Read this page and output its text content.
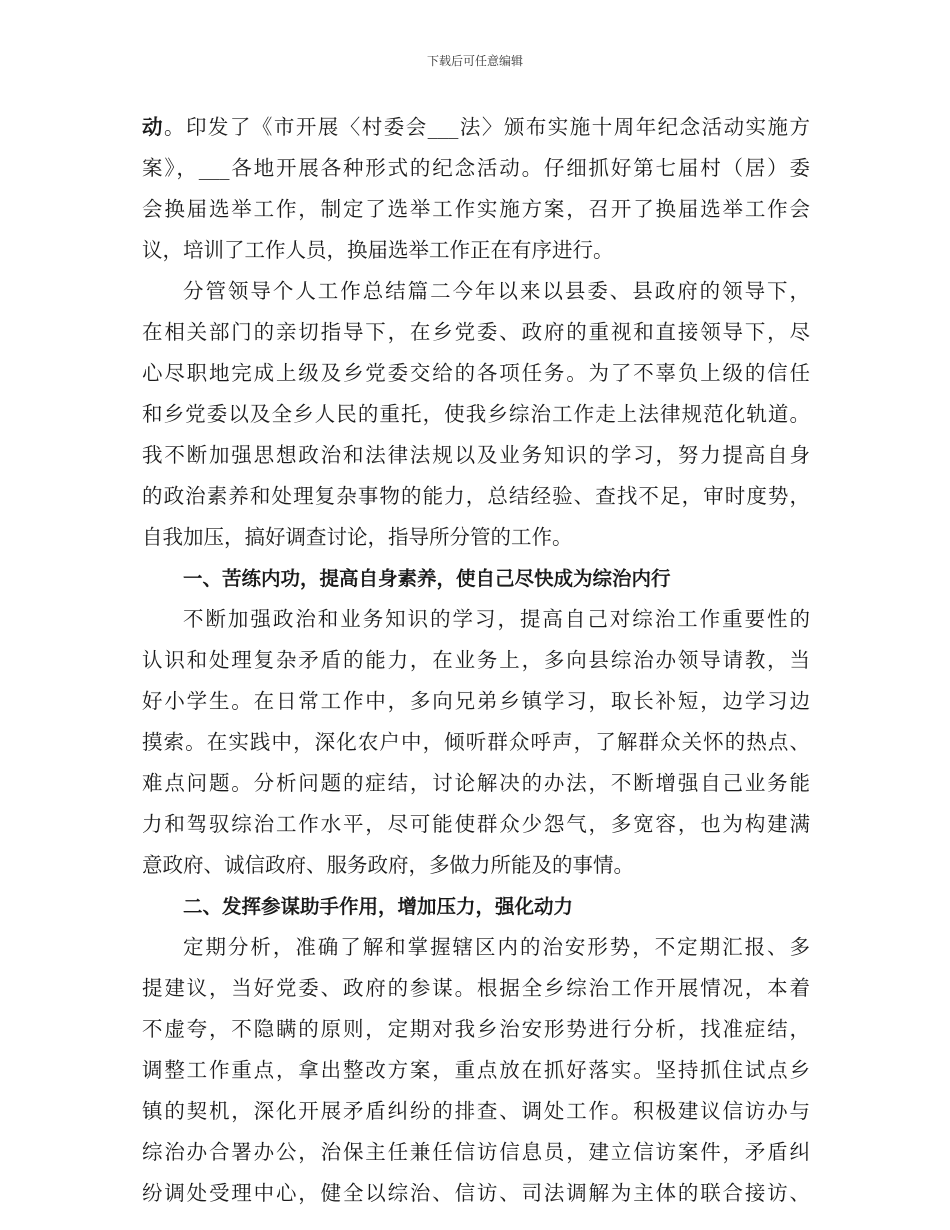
下载后可任意编辑
动。印发了《市开展〈村委会___法〉颁布实施十周年纪念活动实施方
案》，___各地开展各种形式的纪念活动。仔细抓好第七届村（居）委
会换届选举工作，制定了选举工作实施方案，召开了换届选举工作会
议，培训了工作人员，换届选举工作正在有序进行。
分管领导个人工作总结篇二今年以来以县委、县政府的领导下，
在相关部门的亲切指导下，在乡党委、政府的重视和直接领导下，尽
心尽职地完成上级及乡党委交给的各项任务。为了不辜负上级的信任
和乡党委以及全乡人民的重托，使我乡综治工作走上法律规范化轨道。
我不断加强思想政治和法律法规以及业务知识的学习，努力提高自身
的政治素养和处理复杂事物的能力，总结经验、查找不足，审时度势，
自我加压，搞好调查讨论，指导所分管的工作。
一、苦练内功，提高自身素养，使自己尽快成为综治内行
不断加强政治和业务知识的学习，提高自己对综治工作重要性的
认识和处理复杂矛盾的能力，在业务上，多向县综治办领导请教，当
好小学生。在日常工作中，多向兄弟乡镇学习，取长补短，边学习边
摸索。在实践中，深化农户中，倾听群众呼声，了解群众关怀的热点、
难点问题。分析问题的症结，讨论解决的办法，不断增强自己业务能
力和驾驭综治工作水平，尽可能使群众少怨气，多宽容，也为构建满
意政府、诚信政府、服务政府，多做力所能及的事情。
二、发挥参谋助手作用，增加压力，强化动力
定期分析，准确了解和掌握辖区内的治安形势，不定期汇报、多
提建议，当好党委、政府的参谋。根据全乡综治工作开展情况，本着
不虚夸，不隐瞒的原则，定期对我乡治安形势进行分析，找准症结，
调整工作重点，拿出整改方案，重点放在抓好落实。坚持抓住试点乡
镇的契机，深化开展矛盾纠纷的排查、调处工作。积极建议信访办与
综治办合署办公，治保主任兼任信访信息员，建立信访案件，矛盾纠
纷调处受理中心，健全以综治、信访、司法调解为主体的联合接访、
